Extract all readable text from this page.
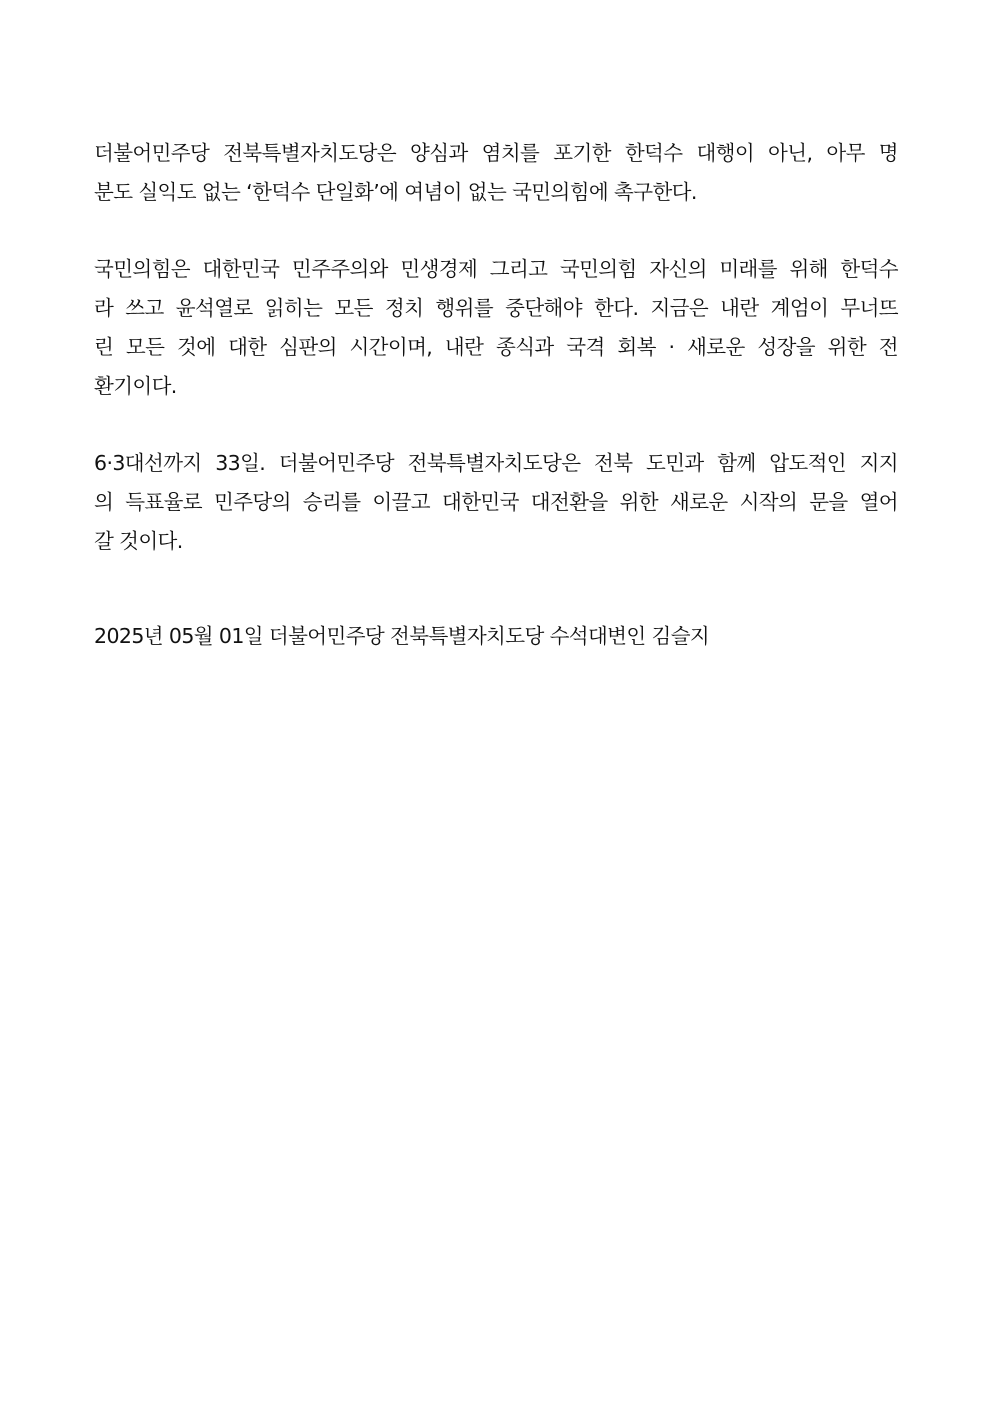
더불어민주당 전북특별자치도당은 양심과 염치를 포기한 한덕수 대행이 아닌, 아무 명
분도 실익도 없는 ‘한덕수 단일화’에 여념이 없는 국민의힘에 촉구한다.

국민의힘은 대한민국 민주주의와 민생경제 그리고 국민의힘 자신의 미래를 위해 한덕수
라 쓰고 윤석열로 읽히는 모든 정치 행위를 중단해야 한다. 지금은 내란 계엄이 무너뜨
린 모든 것에 대한 심판의 시간이며, 내란 종식과 국격 회복 · 새로운 성장을 위한 전
환기이다.

6·3대선까지 33일. 더불어민주당 전북특별자치도당은 전북 도민과 함께 압도적인 지지
의 득표율로 민주당의 승리를 이끌고 대한민국 대전환을 위한 새로운 시작의 문을 열어
갈 것이다.

2025년 05월 01일 더불어민주당 전북특별자치도당 수석대변인 김슬지
